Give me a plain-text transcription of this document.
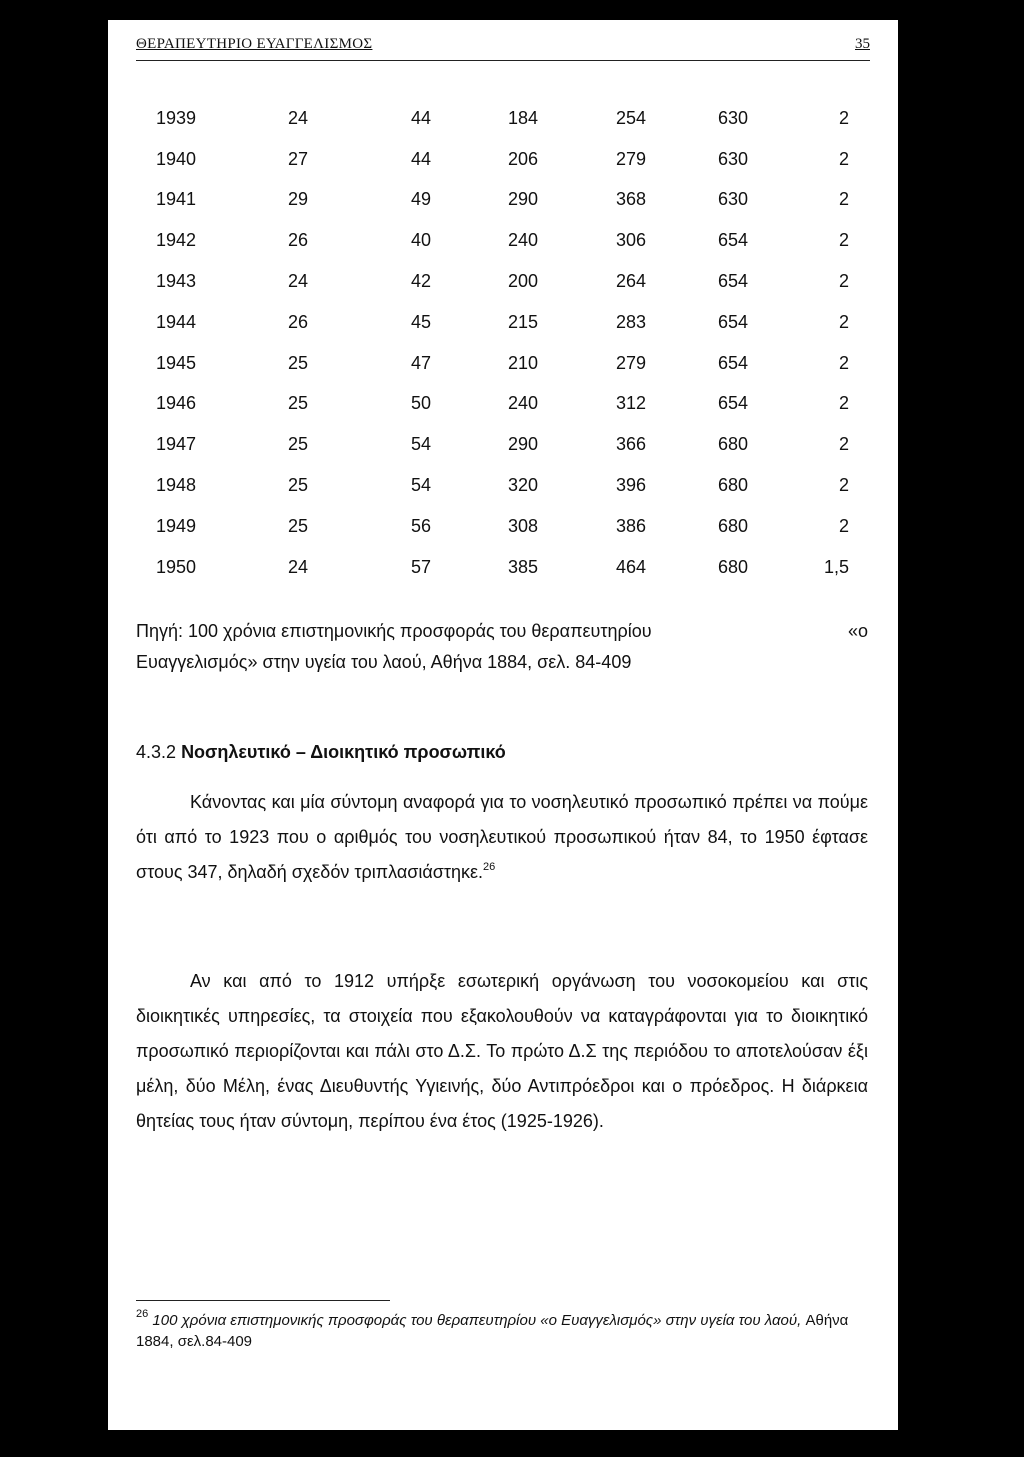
ΘΕΡΑΠΕΥΤΗΡΙΟ ΕΥΑΓΓΕΛΙΣΜΟΣ	35
1939	24	44	184	254	630	2
1940	27	44	206	279	630	2
1941	29	49	290	368	630	2
1942	26	40	240	306	654	2
1943	24	42	200	264	654	2
1944	26	45	215	283	654	2
1945	25	47	210	279	654	2
1946	25	50	240	312	654	2
1947	25	54	290	366	680	2
1948	25	54	320	396	680	2
1949	25	56	308	386	680	2
1950	24	57	385	464	680	1,5
Πηγή: 100 χρόνια επιστημονικής προσφοράς του θεραπευτηρίου	«ο
Ευαγγελισμός» στην υγεία του λαού, Αθήνα 1884, σελ. 84-409
4.3.2 Νοσηλευτικό – Διοικητικό προσωπικό
Κάνοντας και μία σύντομη αναφορά για το νοσηλευτικό προσωπικό πρέπει να πούμε ότι από το 1923 που ο αριθμός του νοσηλευτικού προσωπικού ήταν 84, το 1950 έφτασε στους 347, δηλαδή σχεδόν τριπλασιάστηκε.$^{26}$
Αν και από το 1912 υπήρξε εσωτερική οργάνωση του νοσοκομείου και στις διοικητικές υπηρεσίες, τα στοιχεία που εξακολουθούν να καταγράφονται για το διοικητικό προσωπικό περιορίζονται και πάλι στο Δ.Σ. Το πρώτο Δ.Σ της περιόδου το αποτελούσαν έξι μέλη, δύο Μέλη, ένας Διευθυντής Υγιεινής, δύο Αντιπρόεδροι και ο πρόεδρος. Η διάρκεια θητείας τους ήταν σύντομη, περίπου ένα έτος (1925-1926).
$^{26}$ 100 χρόνια επιστημονικής προσφοράς του θεραπευτηρίου «ο Ευαγγελισμός» στην υγεία του λαού, Αθήνα 1884, σελ.84-409
